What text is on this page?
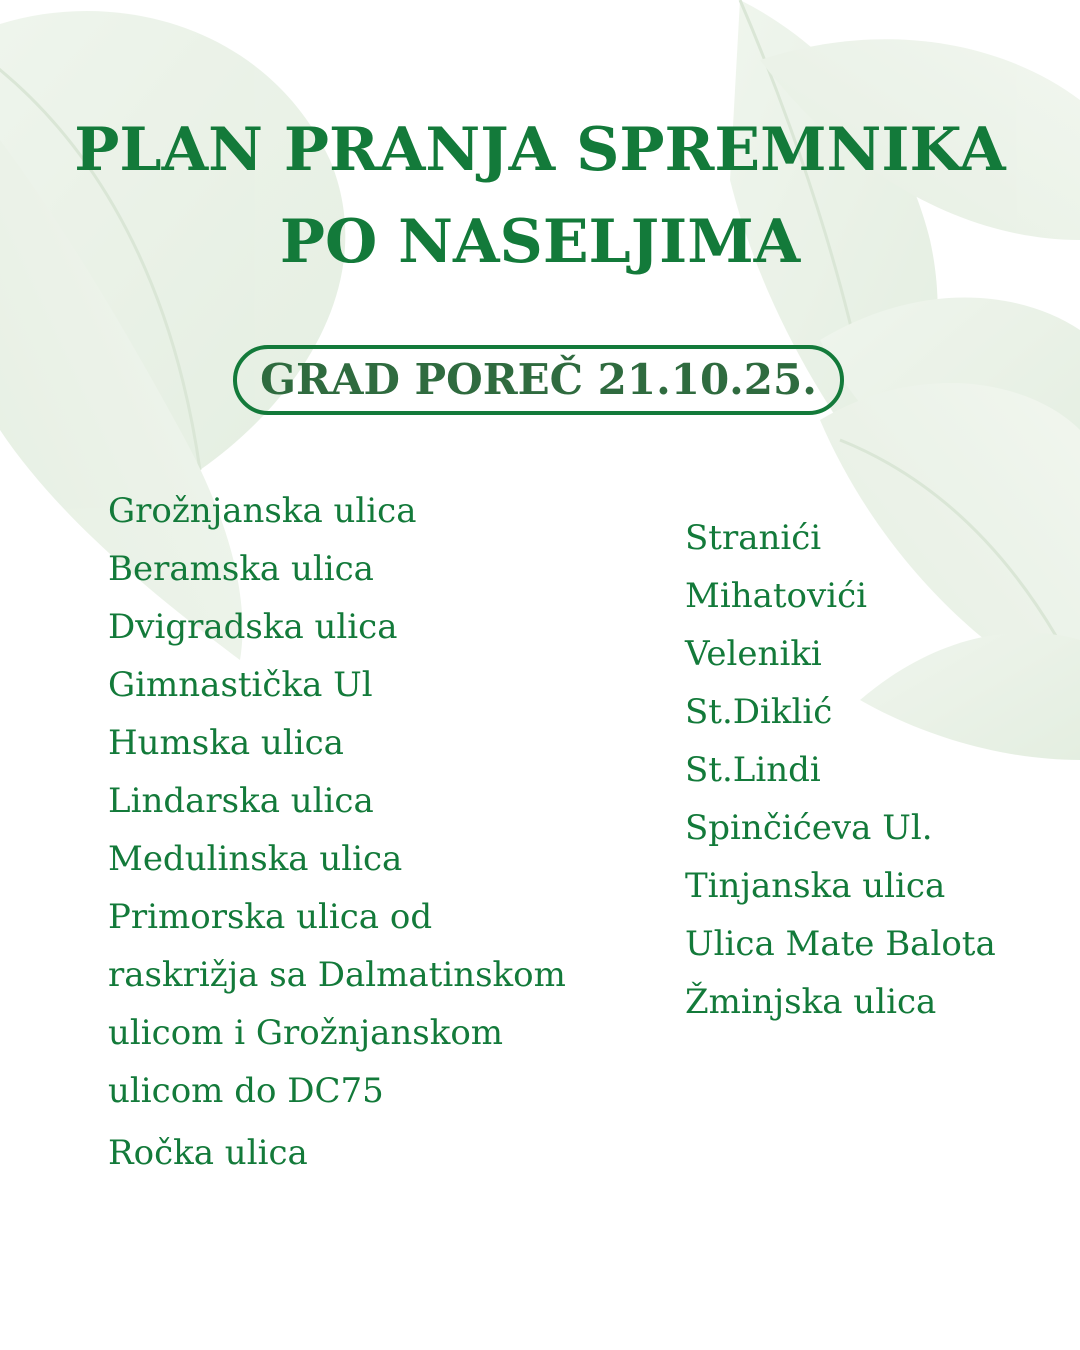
PLAN PRANJA SPREMNIKA
PO NASELJIMA
GRAD POREČ 21.10.25.
Grožnjanska ulica
Beramska ulica
Dvigradska ulica
Gimnastička Ul
Humska ulica
Lindarska ulica
Medulinska ulica
Primorska ulica od raskrižja sa Dalmatinskom ulicom i Grožnjanskom ulicom do DC75
Ročka ulica
Stranići
Mihatovići
Veleniki
St.Diklić
St.Lindi
Spinčićeva Ul.
Tinjanska ulica
Ulica Mate Balota
Žminjska ulica
